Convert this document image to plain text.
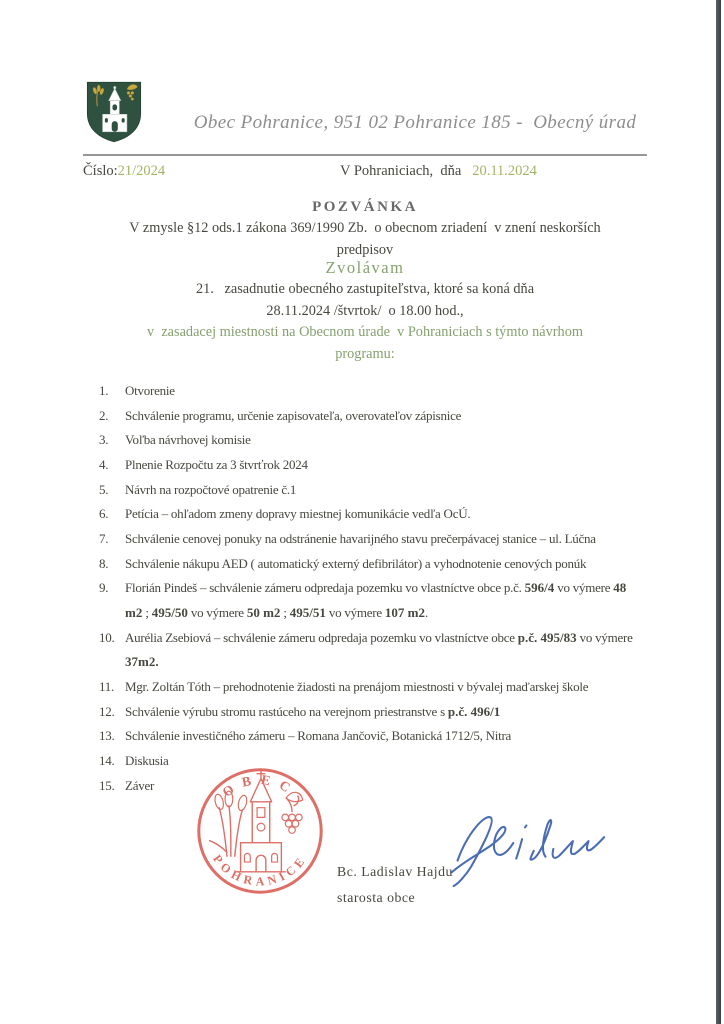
Obec Pohranice, 951 02 Pohranice 185 -  Obecný úrad
Číslo:21/2024	V Pohraniciach,  dňa   20.11.2024
POZVÁNKA
V zmysle §12 ods.1 zákona 369/1990 Zb.  o obecnom zriadení  v znení neskorších
predpisov
Zvolávam
21.   zasadnutie obecného zastupiteľstva, ktoré sa koná dňa
28.11.2024 /štvrtok/  o 18.00 hod.,
v  zasadacej miestnosti na Obecnom úrade  v Pohraniciach s týmto návrhom
programu:
1. Otvorenie
2. Schválenie programu, určenie zapisovateľa, overovateľov zápisnice
3. Voľba návrhovej komisie
4. Plnenie Rozpočtu za 3 štvrťrok 2024
5. Návrh na rozpočtové opatrenie č.1
6. Petícia – ohľadom zmeny dopravy miestnej komunikácie vedľa OcÚ.
7. Schválenie cenovej ponuky na odstránenie havarijného stavu prečerpávacej stanice – ul. Lúčna
8. Schválenie nákupu AED ( automatický externý defibrilátor) a vyhodnotenie cenových ponúk
9. Florián Pindeš – schválenie zámeru odpredaja pozemku vo vlastníctve obce p.č. 596/4 vo výmere 48 m2 ; 495/50 vo výmere 50 m2 ; 495/51 vo výmere 107 m2.
10. Aurélia Zsebiová – schválenie zámeru odpredaja pozemku vo vlastníctve obce p.č. 495/83 vo výmere 37m2.
11. Mgr. Zoltán Tóth – prehodnotenie žiadosti na prenájom miestnosti v bývalej maďarskej škole
12. Schválenie výrubu stromu rastúceho na verejnom priestranstve s p.č. 496/1
13. Schválenie investičného zámeru – Romana Jančovič, Botanická 1712/5, Nitra
14. Diskusia
15. Záver	OBEC
POHRANICE
Bc. Ladislav Hajdu
starosta obce
